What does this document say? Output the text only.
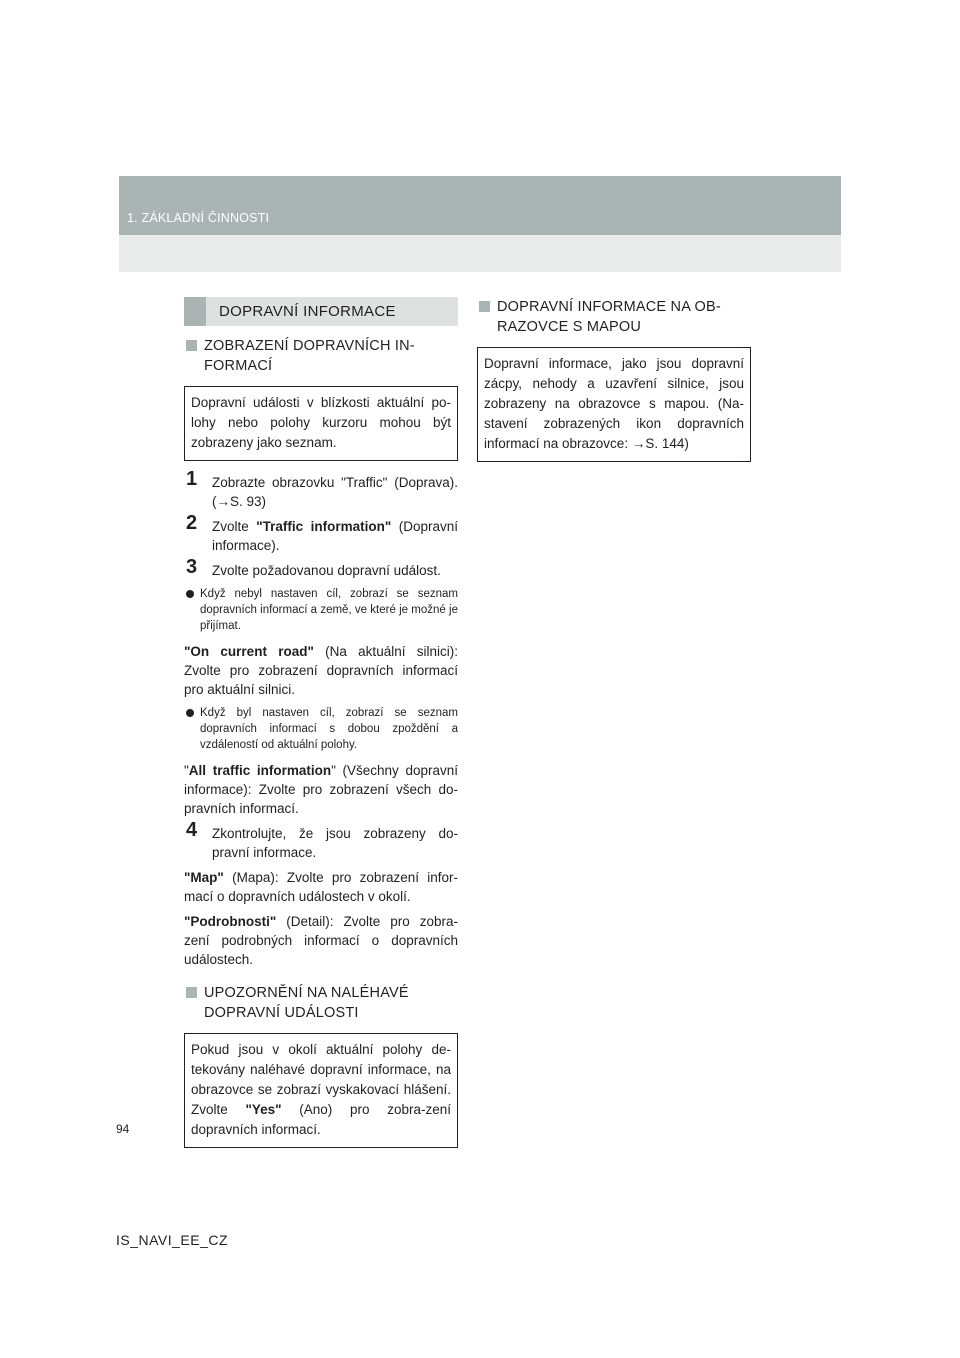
1. ZÁKLADNÍ ČINNOSTI
DOPRAVNÍ INFORMACE
ZOBRAZENÍ DOPRAVNÍCH IN-FORMACÍ
Dopravní události v blízkosti aktuální po-lohy nebo polohy kurzoru mohou být zobrazeny jako seznam.
1 Zobrazte obrazovku "Traffic" (Doprava). (→S. 93)
2 Zvolte "Traffic information" (Dopravní informace).
3 Zvolte požadovanou dopravní událost.
Když nebyl nastaven cíl, zobrazí se seznam dopravních informací a země, ve které je možné je přijímat.
"On current road" (Na aktuální silnici): Zvolte pro zobrazení dopravních informací pro aktuální silnici.
Když byl nastaven cíl, zobrazí se seznam dopravních informací s dobou zpoždění a vzdáleností od aktuální polohy.
"All traffic information" (Všechny dopravní informace): Zvolte pro zobrazení všech do-pravních informací.
4 Zkontrolujte, že jsou zobrazeny do-pravní informace.
"Map" (Mapa): Zvolte pro zobrazení infor-mací o dopravních událostech v okolí.
"Podrobnosti" (Detail): Zvolte pro zobra-zení podrobných informací o dopravních událostech.
UPOZORNĚNÍ NA NALÉHAVÉ DOPRAVNÍ UDÁLOSTI
Pokud jsou v okolí aktuální polohy de-tekovány naléhavé dopravní informace, na obrazovce se zobrazí vyskakovací hlášení. Zvolte "Yes" (Ano) pro zobra-zení dopravních informací.
DOPRAVNÍ INFORMACE NA OB-RAZOVCE S MAPOU
Dopravní informace, jako jsou dopravní zácpy, nehody a uzavření silnice, jsou zobrazeny na obrazovce s mapou. (Na-stavení zobrazených ikon dopravních informací na obrazovce: →S. 144)
94
IS_NAVI_EE_CZ
